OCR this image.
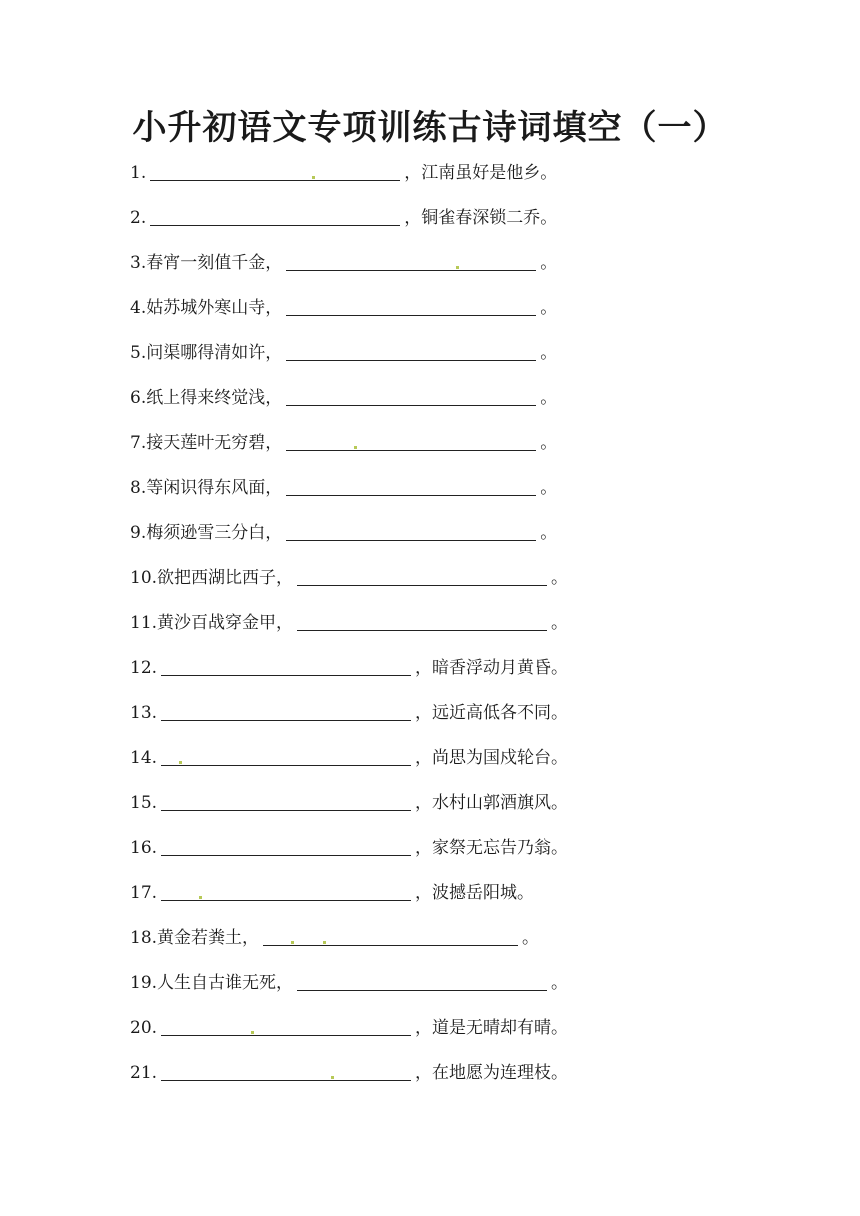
小升初语文专项训练古诗词填空（一）
1.	，江南虽好是他乡。
2.	，铜雀春深锁二乔。
3. 春宵一刻值千金，	。
4. 姑苏城外寒山寺，	。
5. 问渠哪得清如许，	。
6. 纸上得来终觉浅，	。
7. 接天莲叶无穷碧，	。
8. 等闲识得东风面，	。
9. 梅须逊雪三分白，	。
10. 欲把西湖比西子，	。
11. 黄沙百战穿金甲，	。
12.	，暗香浮动月黄昏。
13.	，远近高低各不同。
14.	，尚思为国戍轮台。
15.	，水村山郭酒旗风。
16.	，家祭无忘告乃翁。
17.	，波撼岳阳城。
18. 黄金若粪土，	。
19. 人生自古谁无死，	。
20.	，道是无晴却有晴。
21.	，在地愿为连理枝。
